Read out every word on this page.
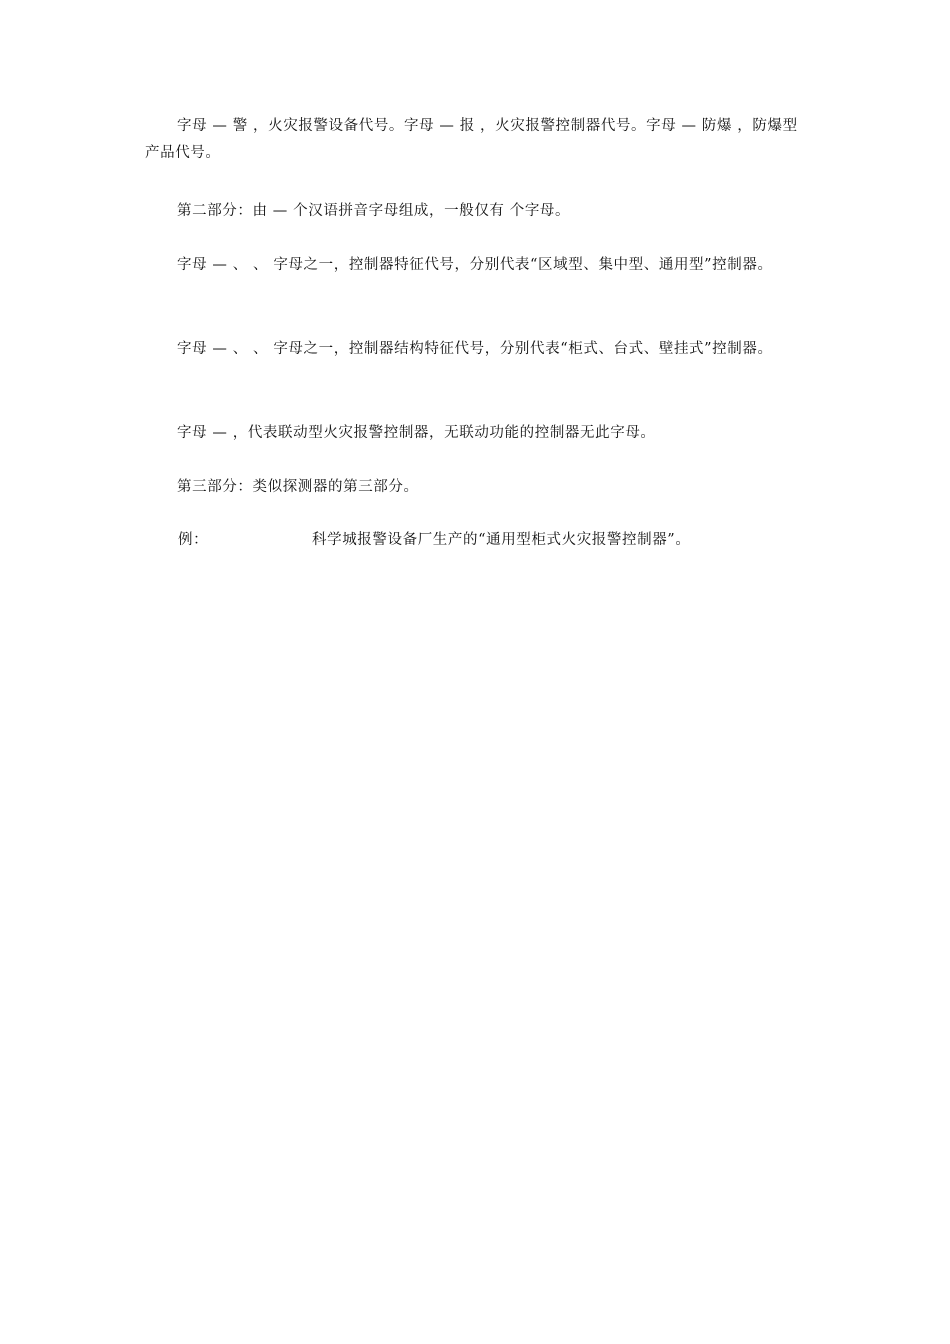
字母 — 警 ，火灾报警设备代号。字母 — 报 ，火灾报警控制器代号。字母 — 防爆 ，防爆型产品代号。

第二部分：由 — 个汉语拼音字母组成，一般仅有 个字母。

字母 — 、 、 字母之一，控制器特征代号，分别代表“区域型、集中型、通用型”控制器。

字母 — 、 、 字母之一，控制器结构特征代号，分别代表“柜式、台式、壁挂式”控制器。

字母 — ，代表联动型火灾报警控制器，无联动功能的控制器无此字母。

第三部分：类似探测器的第三部分。

例：	科学城报警设备厂生产的“通用型柜式火灾报警控制器”。
